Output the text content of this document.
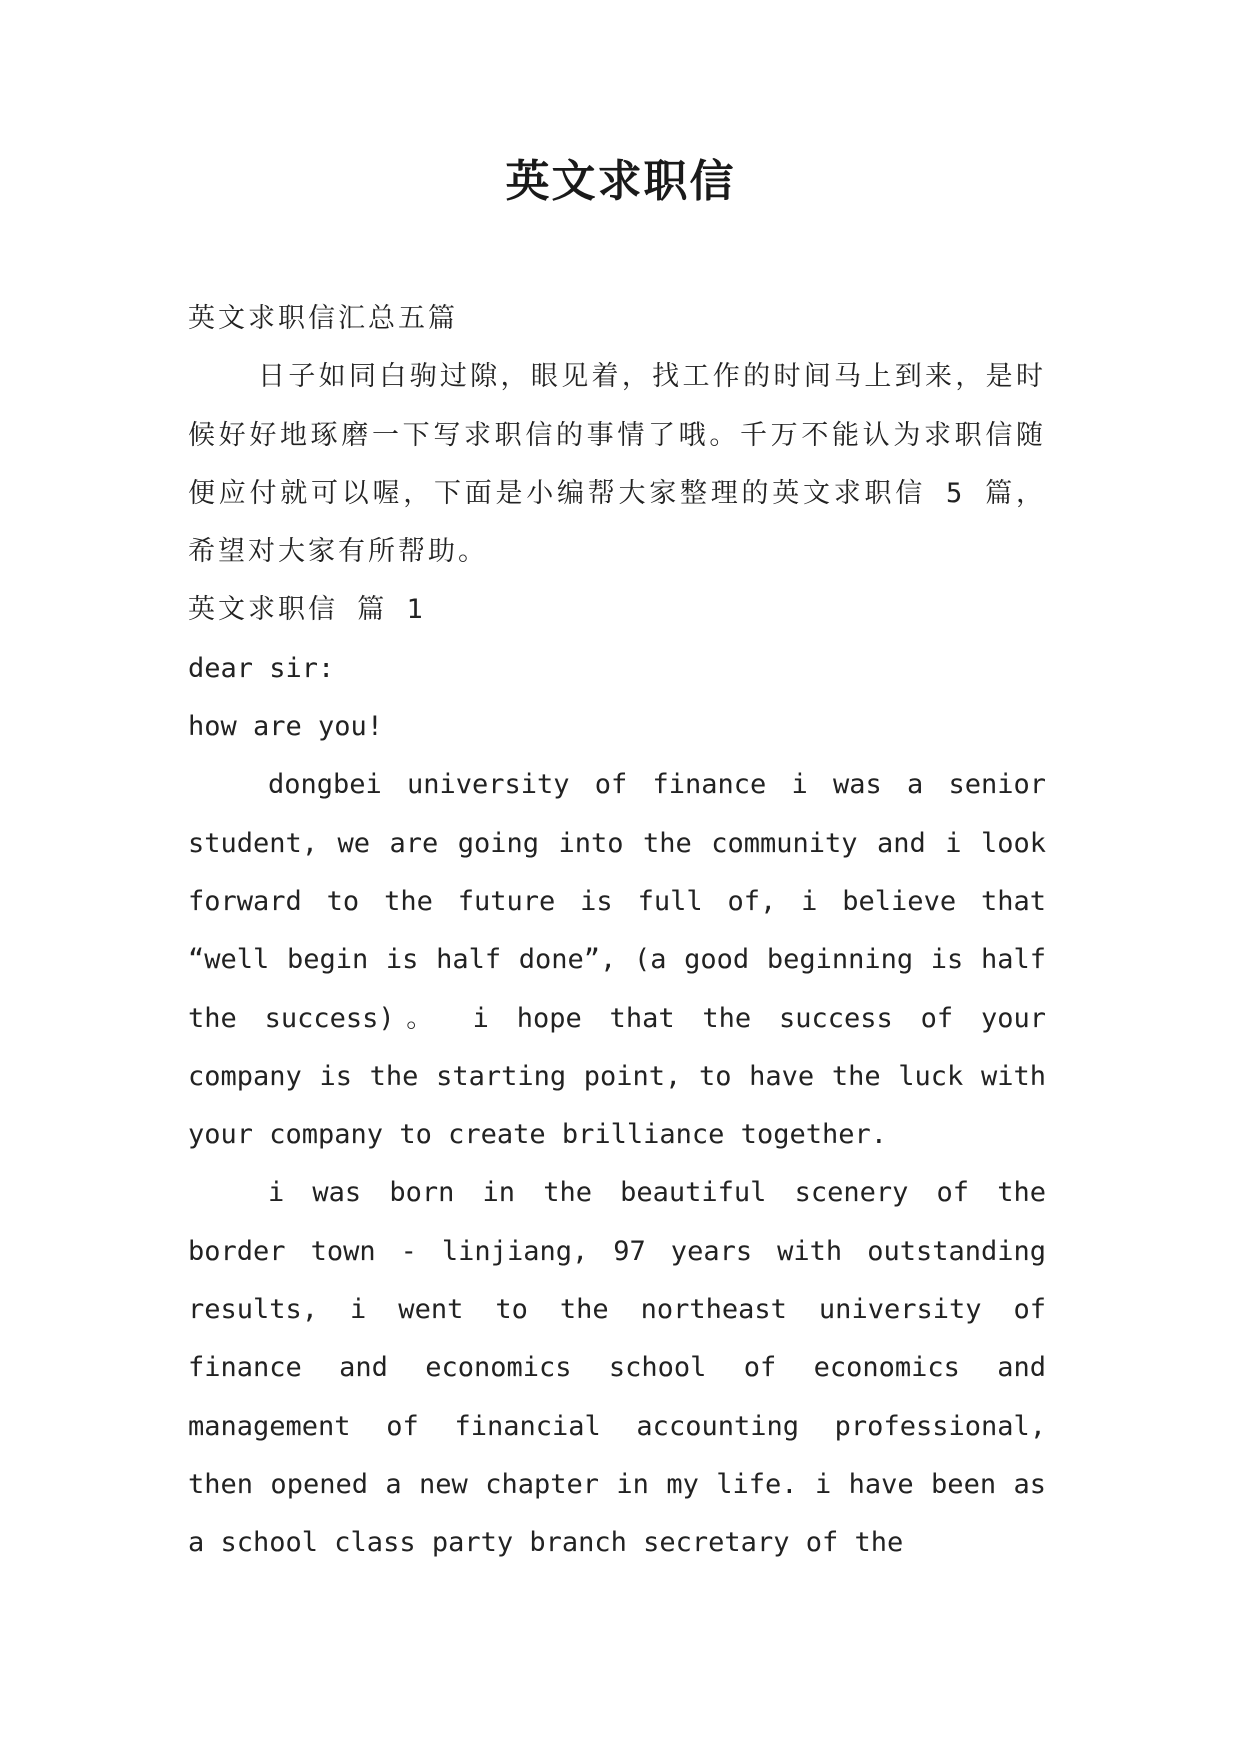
英文求职信

英文求职信汇总五篇

日子如同白驹过隙，眼见着，找工作的时间马上到来，是时候好好地琢磨一下写求职信的事情了哦。千万不能认为求职信随便应付就可以喔，下面是小编帮大家整理的英文求职信 5 篇，希望对大家有所帮助。

英文求职信 篇 1

dear sir:

how are you!

dongbei university of finance i was a senior student, we are going into the community and i look forward to the future is full of, i believe that “well begin is half done”, (a good beginning is half the success)。 i hope that the success of your company is the starting point, to have the luck with your company to create brilliance together.

i was born in the beautiful scenery of the border town - linjiang, 97 years with outstanding results, i went to the northeast university of finance and economics school of economics and management of financial accounting professional, then opened a new chapter in my life. i have been as a school class party branch secretary of the
